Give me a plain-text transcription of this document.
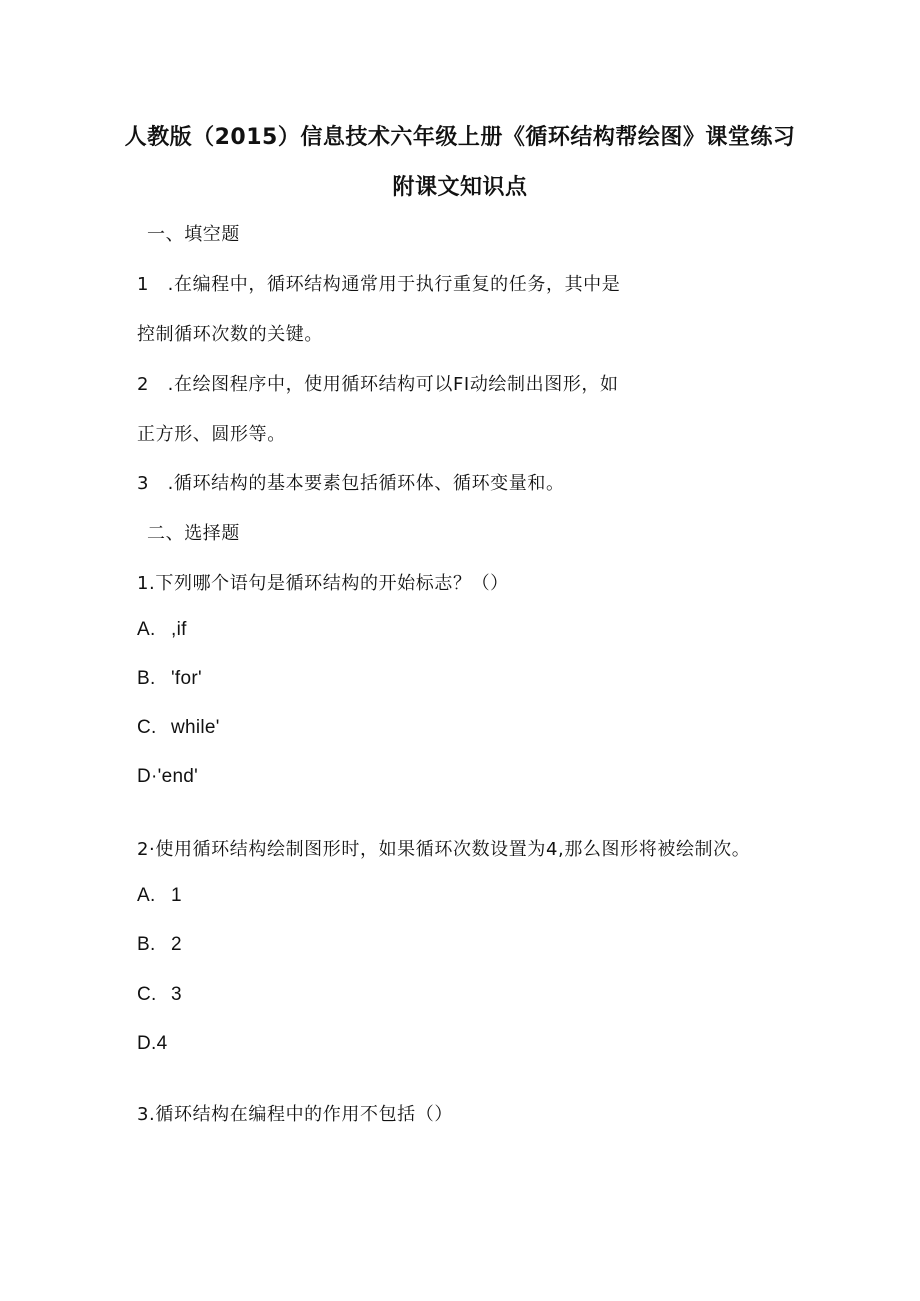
人教版（2015）信息技术六年级上册《循环结构帮绘图》课堂练习
附课文知识点
一、填空题
1　.在编程中，循环结构通常用于执行重复的任务，其中是
控制循环次数的关键。
2　.在绘图程序中，使用循环结构可以FI动绘制出图形，如
正方形、圆形等。
3　.循环结构的基本要素包括循环体、循环变量和。
二、选择题
1.下列哪个语句是循环结构的开始标志？（）
A. ,if
B. 'for'
C. while'
D·'end'
2·使用循环结构绘制图形时，如果循环次数设置为4,那么图形将被绘制次。
A. 1
B. 2
C. 3
D.4
3.循环结构在编程中的作用不包括（）
